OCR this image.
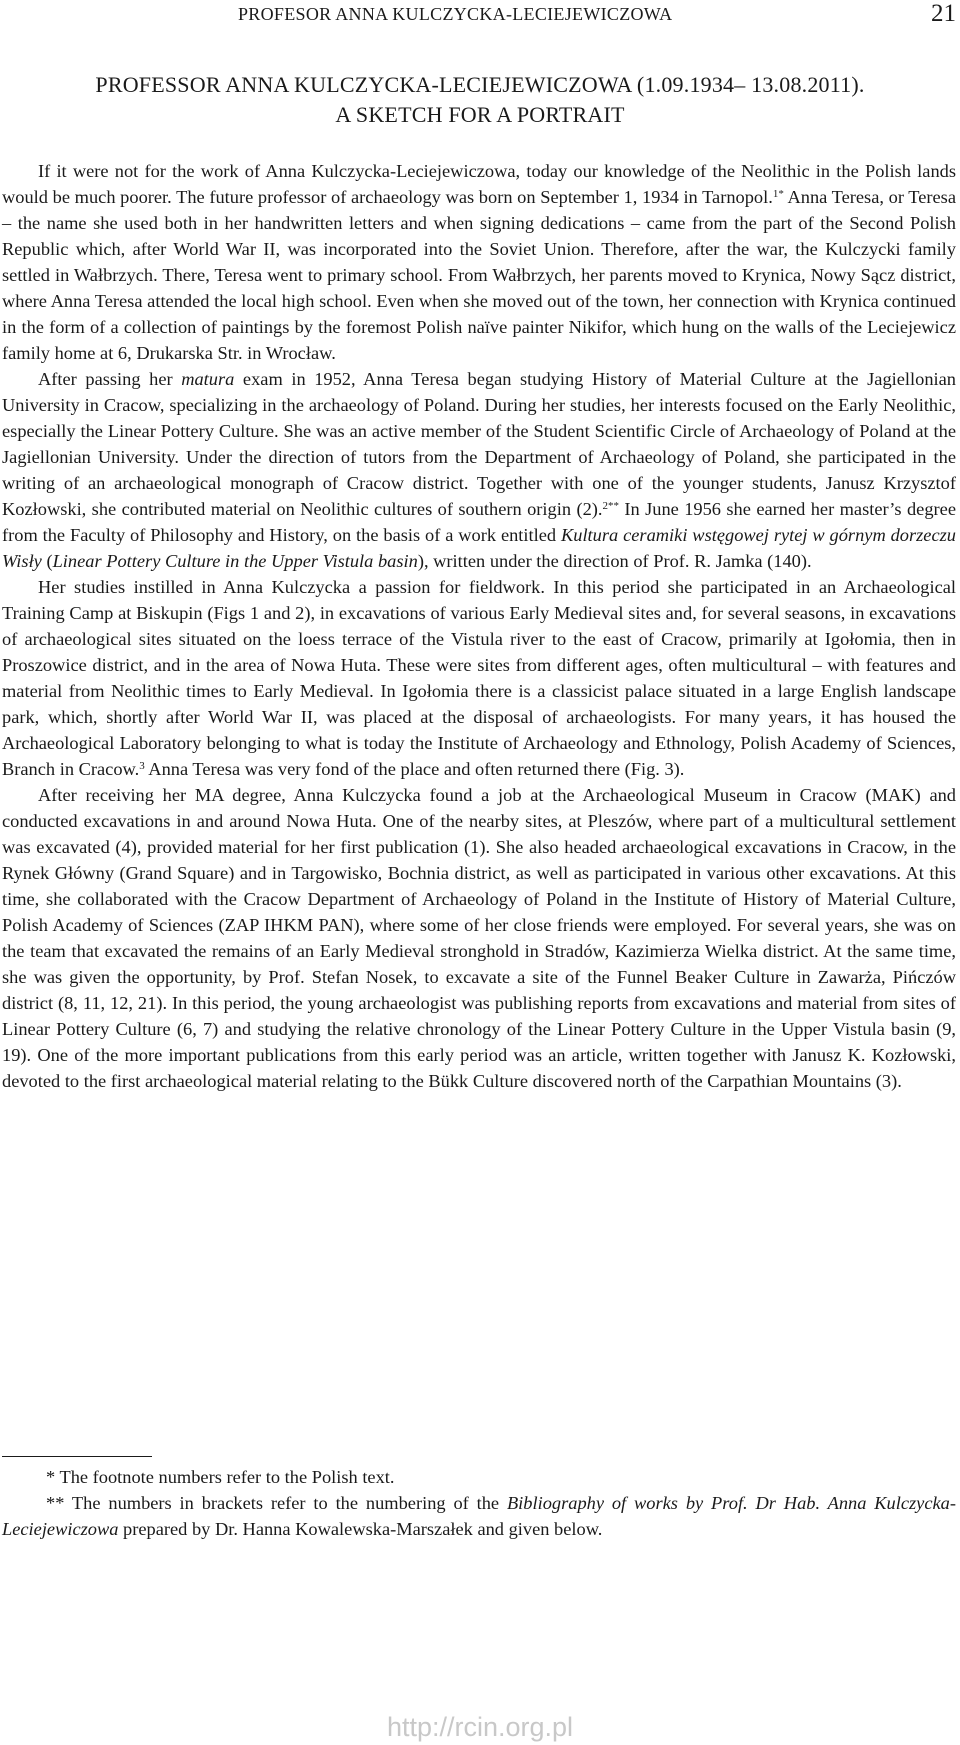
PROFESOR ANNA KULCZYCKA-LECIEJEWICZOWA	21
PROFESSOR ANNA KULCZYCKA-LECIEJEWICZOWA (1.09.1934– 13.08.2011).
A SKETCH FOR A PORTRAIT

If it were not for the work of Anna Kulczycka-Leciejewiczowa, today our knowledge of the Neolithic in the Polish lands would be much poorer. The future professor of archaeology was born on September 1, 1934 in Tarnopol.$^{1*}$ Anna Teresa, or Teresa – the name she used both in her handwritten letters and when signing dedications – came from the part of the Second Polish Republic which, after World War II, was incorporated into the Soviet Union. Therefore, after the war, the Kulczycki family settled in Wałbrzych. There, Teresa went to primary school. From Wałbrzych, her parents moved to Krynica, Nowy Sącz district, where Anna Teresa attended the local high school. Even when she moved out of the town, her connection with Krynica continued in the form of a collection of paintings by the foremost Polish naïve painter Nikifor, which hung on the walls of the Leciejewicz family home at 6, Drukarska Str. in Wrocław.

After passing her matura exam in 1952, Anna Teresa began studying History of Material Culture at the Jagiellonian University in Cracow, specializing in the archaeology of Poland. During her studies, her interests focused on the Early Neolithic, especially the Linear Pottery Culture. She was an active member of the Student Scientific Circle of Archaeology of Poland at the Jagiellonian University. Under the direction of tutors from the Department of Archaeology of Poland, she participated in the writing of an archaeological monograph of Cracow district. Together with one of the younger students, Janusz Krzysztof Kozłowski, she contributed material on Neolithic cultures of southern origin (2).$^{2**}$ In June 1956 she earned her master’s degree from the Faculty of Philosophy and History, on the basis of a work entitled Kultura ceramiki wstęgowej rytej w górnym dorzeczu Wisły (Linear Pottery Culture in the Upper Vistula basin), written under the direction of Prof. R. Jamka (140).

Her studies instilled in Anna Kulczycka a passion for fieldwork. In this period she participated in an Archaeological Training Camp at Biskupin (Figs 1 and 2), in excavations of various Early Medieval sites and, for several seasons, in excavations of archaeological sites situated on the loess terrace of the Vistula river to the east of Cracow, primarily at Igołomia, then in Proszowice district, and in the area of Nowa Huta. These were sites from different ages, often multicultural – with features and material from Neolithic times to Early Medieval. In Igołomia there is a classicist palace situated in a large English landscape park, which, shortly after World War II, was placed at the disposal of archaeologists. For many years, it has housed the Archaeological Laboratory belonging to what is today the Institute of Archaeology and Ethnology, Polish Academy of Sciences, Branch in Cracow.$^3$ Anna Teresa was very fond of the place and often returned there (Fig. 3).

After receiving her MA degree, Anna Kulczycka found a job at the Archaeological Museum in Cracow (MAK) and conducted excavations in and around Nowa Huta. One of the nearby sites, at Pleszów, where part of a multicultural settlement was excavated (4), provided material for her first publication (1). She also headed archaeological excavations in Cracow, in the Rynek Główny (Grand Square) and in Targowisko, Bochnia district, as well as participated in various other excavations. At this time, she collaborated with the Cracow Department of Archaeology of Poland in the Institute of History of Material Culture, Polish Academy of Sciences (ZAP IHKM PAN), where some of her close friends were employed. For several years, she was on the team that excavated the remains of an Early Medieval stronghold in Stradów, Kazimierza Wielka district. At the same time, she was given the opportunity, by Prof. Stefan Nosek, to excavate a site of the Funnel Beaker Culture in Zawarża, Pińczów district (8, 11, 12, 21). In this period, the young archaeologist was publishing reports from excavations and material from sites of Linear Pottery Culture (6, 7) and studying the relative chronology of the Linear Pottery Culture in the Upper Vistula basin (9, 19). One of the more important publications from this early period was an article, written together with Janusz K. Kozłowski, devoted to the first archaeological material relating to the Bükk Culture discovered north of the Carpathian Mountains (3).

* The footnote numbers refer to the Polish text.

** The numbers in brackets refer to the numbering of the Bibliography of works by Prof. Dr Hab. Anna Kulczycka-Leciejewiczowa prepared by Dr. Hanna Kowalewska-Marszałek and given below.

http://rcin.org.pl
